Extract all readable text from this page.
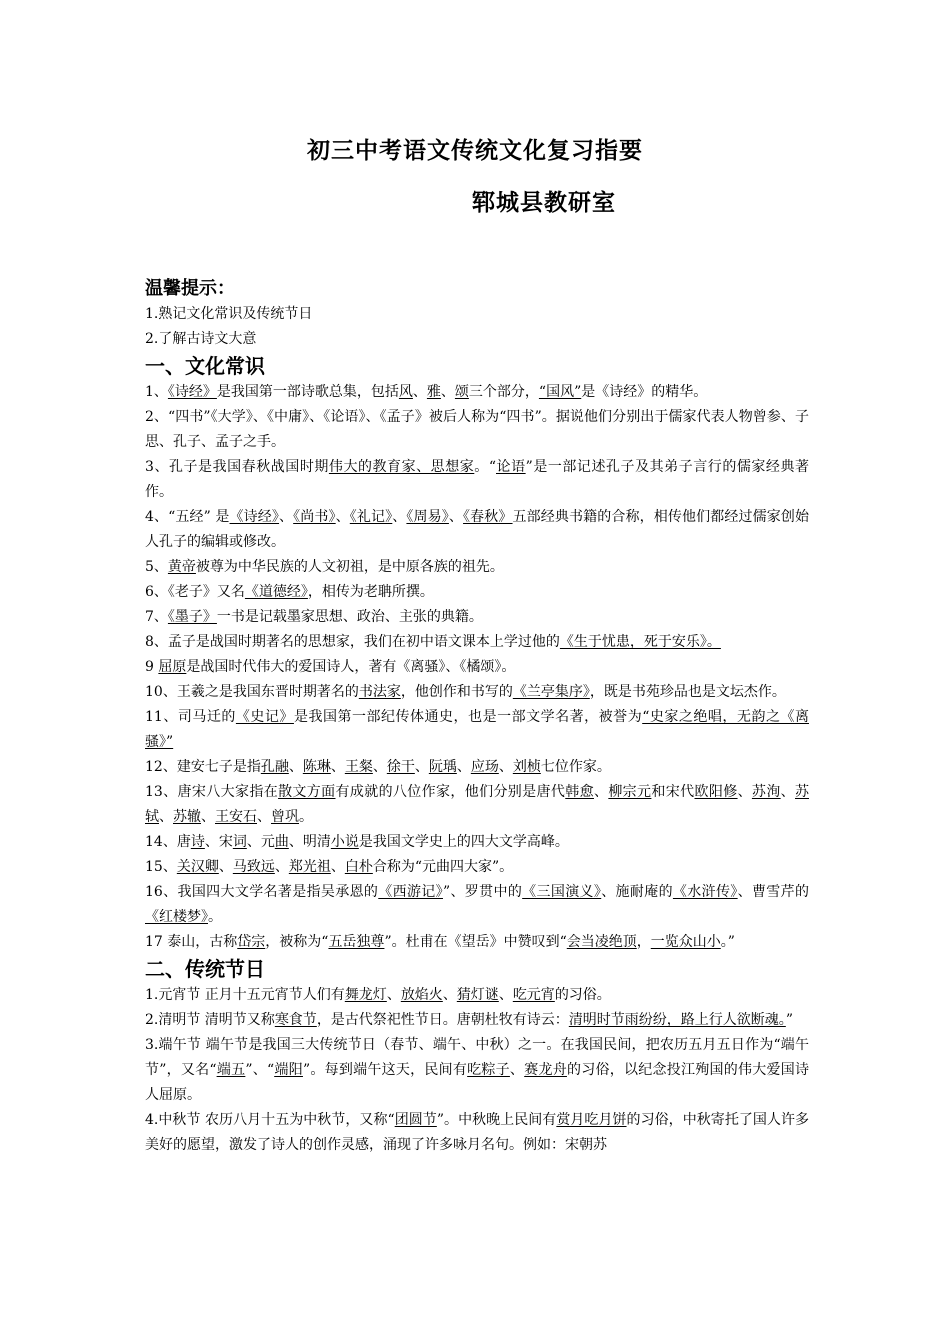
初三中考语文传统文化复习指要
郓城县教研室
温馨提示：
1.熟记文化常识及传统节日
2.了解古诗文大意
一、文化常识
1、《诗经》是我国第一部诗歌总集，包括风、雅、颂三个部分，“国风”是《诗经》的精华。
2、“四书”《大学》、《中庸》、《论语》、《孟子》被后人称为“四书”。据说他们分别出于儒家代表人物曾参、子思、孔子、孟子之手。
3、孔子是我国春秋战国时期伟大的教育家、思想家。“论语”是一部记述孔子及其弟子言行的儒家经典著作。
4、“五经” 是《诗经》、《尚书》、《礼记》、《周易》、《春秋》五部经典书籍的合称，相传他们都经过儒家创始人孔子的编辑或修改。
5、黄帝被尊为中华民族的人文初祖，是中原各族的祖先。
6、《老子》又名《道德经》，相传为老聃所撰。
7、《墨子》一书是记载墨家思想、政治、主张的典籍。
8、孟子是战国时期著名的思想家，我们在初中语文课本上学过他的《生于忧患，死于安乐》。
9 屈原是战国时代伟大的爱国诗人，著有《离骚》、《橘颂》。
10、王羲之是我国东晋时期著名的书法家，他创作和书写的《兰亭集序》，既是书苑珍品也是文坛杰作。
11、司马迁的《史记》是我国第一部纪传体通史，也是一部文学名著，被誉为“史家之绝唱，无韵之《离骚》”
12、建安七子是指孔融、陈琳、王粲、徐干、阮瑀、应玚、刘桢七位作家。
13、唐宋八大家指在散文方面有成就的八位作家，他们分别是唐代韩愈、柳宗元和宋代欧阳修、苏洵、苏轼、苏辙、王安石、曾巩。
14、唐诗、宋词、元曲、明清小说是我国文学史上的四大文学高峰。
15、关汉卿、马致远、郑光祖、白朴合称为“元曲四大家”。
16、我国四大文学名著是指吴承恩的《西游记》”、罗贯中的《三国演义》、施耐庵的《水浒传》、曹雪芹的《红楼梦》。
17 泰山，古称岱宗，被称为“五岳独尊”。杜甫在《望岳》中赞叹到“会当凌绝顶，一览众山小。”
二、传统节日
1.元宵节 正月十五元宵节人们有舞龙灯、放焰火、猜灯谜、吃元宵的习俗。
2.清明节 清明节又称寒食节，是古代祭祀性节日。唐朝杜牧有诗云：清明时节雨纷纷，路上行人欲断魂。”
3.端午节 端午节是我国三大传统节日（春节、端午、中秋）之一。在我国民间，把农历五月五日作为“端午节”，又名“端五”、“端阳”。每到端午这天，民间有吃粽子、赛龙舟的习俗，以纪念投江殉国的伟大爱国诗人屈原。
4.中秋节 农历八月十五为中秋节，又称“团圆节”。中秋晚上民间有赏月吃月饼的习俗，中秋寄托了国人许多美好的愿望，激发了诗人的创作灵感，涌现了许多咏月名句。例如：宋朝苏
